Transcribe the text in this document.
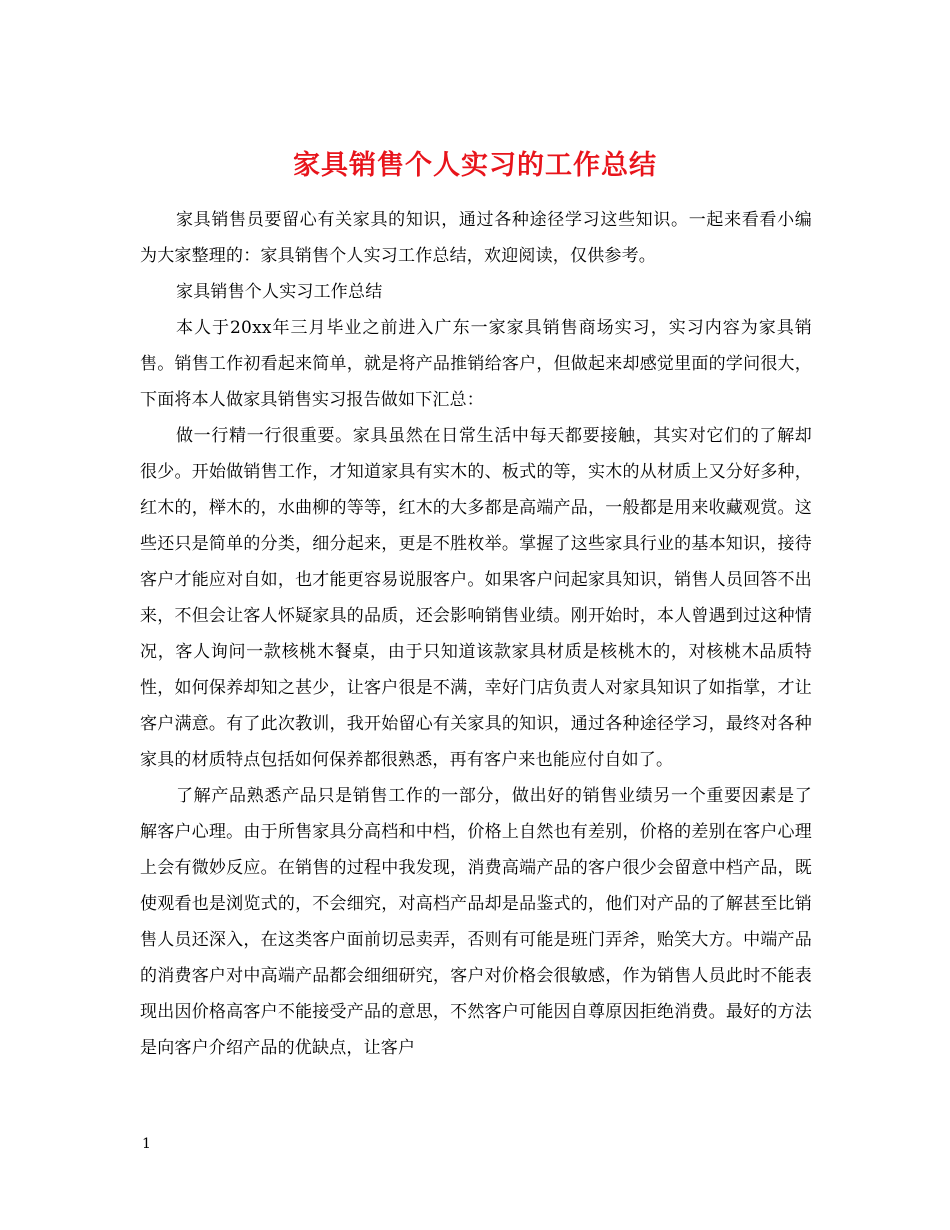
家具销售个人实习的工作总结

家具销售员要留心有关家具的知识，通过各种途径学习这些知识。一起来看看小编为大家整理的：家具销售个人实习工作总结，欢迎阅读，仅供参考。

家具销售个人实习工作总结

本人于20xx年三月毕业之前进入广东一家家具销售商场实习，实习内容为家具销售。销售工作初看起来简单，就是将产品推销给客户，但做起来却感觉里面的学问很大，下面将本人做家具销售实习报告做如下汇总：

做一行精一行很重要。家具虽然在日常生活中每天都要接触，其实对它们的了解却很少。开始做销售工作，才知道家具有实木的、板式的等，实木的从材质上又分好多种，红木的，榉木的，水曲柳的等等，红木的大多都是高端产品，一般都是用来收藏观赏。这些还只是简单的分类，细分起来，更是不胜枚举。掌握了这些家具行业的基本知识，接待客户才能应对自如，也才能更容易说服客户。如果客户问起家具知识，销售人员回答不出来，不但会让客人怀疑家具的品质，还会影响销售业绩。刚开始时，本人曾遇到过这种情况，客人询问一款核桃木餐桌，由于只知道该款家具材质是核桃木的，对核桃木品质特性，如何保养却知之甚少，让客户很是不满，幸好门店负责人对家具知识了如指掌，才让客户满意。有了此次教训，我开始留心有关家具的知识，通过各种途径学习，最终对各种家具的材质特点包括如何保养都很熟悉，再有客户来也能应付自如了。

了解产品熟悉产品只是销售工作的一部分，做出好的销售业绩另一个重要因素是了解客户心理。由于所售家具分高档和中档，价格上自然也有差别，价格的差别在客户心理上会有微妙反应。在销售的过程中我发现，消费高端产品的客户很少会留意中档产品，既使观看也是浏览式的，不会细究，对高档产品却是品鉴式的，他们对产品的了解甚至比销售人员还深入，在这类客户面前切忌卖弄，否则有可能是班门弄斧，贻笑大方。中端产品的消费客户对中高端产品都会细细研究，客户对价格会很敏感，作为销售人员此时不能表现出因价格高客户不能接受产品的意思，不然客户可能因自尊原因拒绝消费。最好的方法是向客户介绍产品的优缺点，让客户

1
